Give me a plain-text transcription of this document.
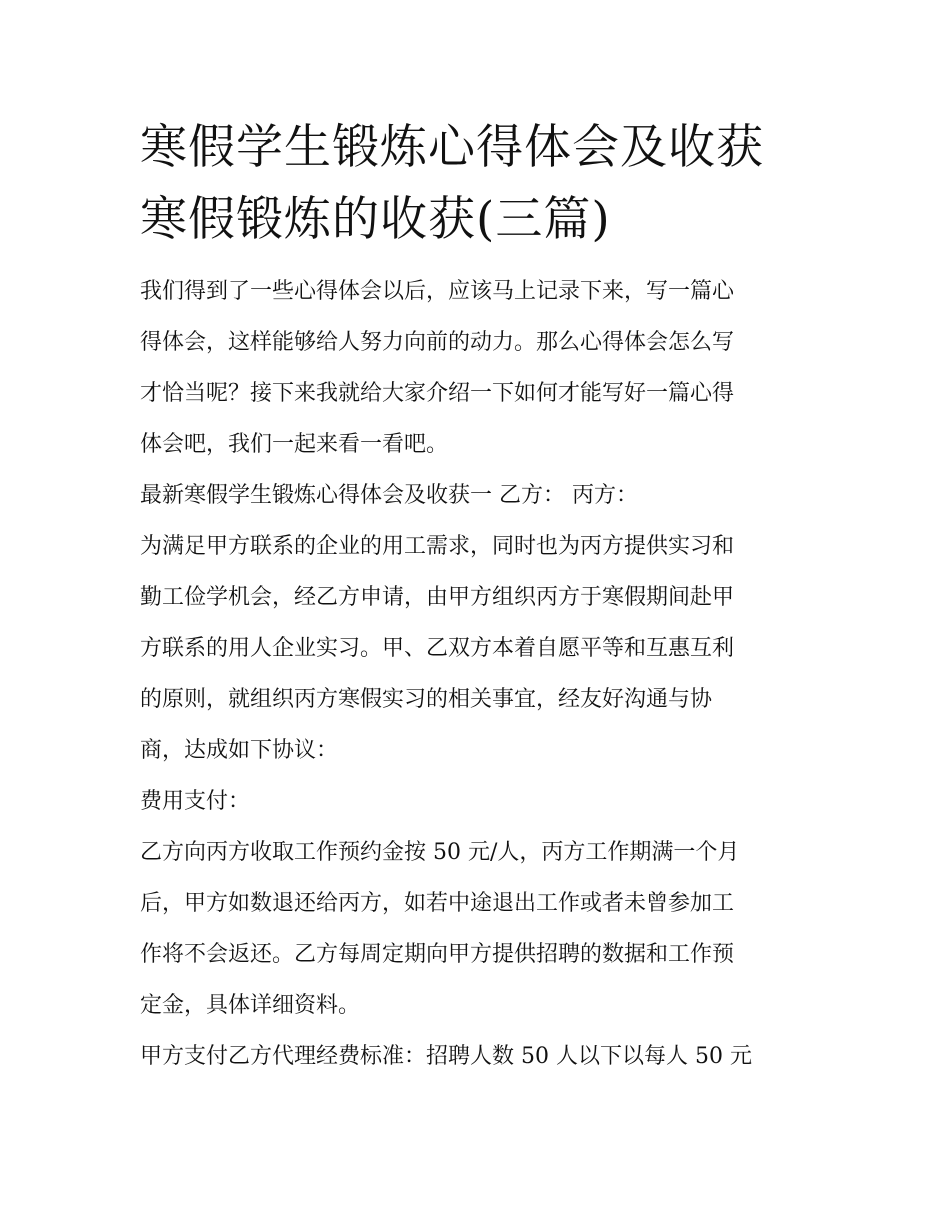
寒假学生锻炼心得体会及收获
寒假锻炼的收获(三篇)

我们得到了一些心得体会以后，应该马上记录下来，写一篇心
得体会，这样能够给人努力向前的动力。那么心得体会怎么写
才恰当呢？接下来我就给大家介绍一下如何才能写好一篇心得
体会吧，我们一起来看一看吧。

最新寒假学生锻炼心得体会及收获一 乙方： 丙方：

为满足甲方联系的企业的用工需求，同时也为丙方提供实习和
勤工俭学机会，经乙方申请，由甲方组织丙方于寒假期间赴甲
方联系的用人企业实习。甲、乙双方本着自愿平等和互惠互利
的原则，就组织丙方寒假实习的相关事宜，经友好沟通与协
商，达成如下协议：

费用支付：

乙方向丙方收取工作预约金按 50 元/人，丙方工作期满一个月
后，甲方如数退还给丙方，如若中途退出工作或者未曾参加工
作将不会返还。乙方每周定期向甲方提供招聘的数据和工作预
定金，具体详细资料。

甲方支付乙方代理经费标准：招聘人数 50 人以下以每人 50 元
